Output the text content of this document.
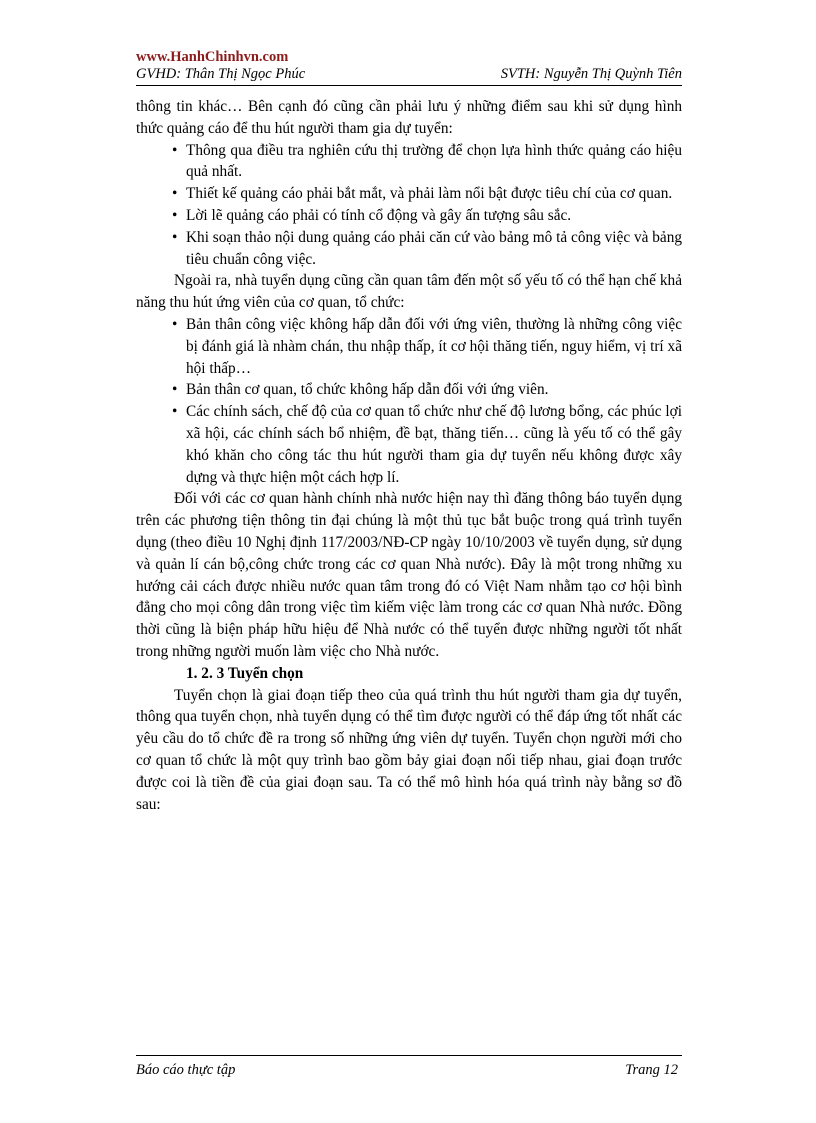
www.HanhChinhvn.com
GVHD: Thân Thị Ngọc Phúc	SVTH: Nguyễn Thị Quỳnh Tiên

thông tin khác… Bên cạnh đó cũng cần phải lưu ý những điểm sau khi sử dụng hình thức quảng cáo để thu hút người tham gia dự tuyển:

• Thông qua điều tra nghiên cứu thị trường để chọn lựa hình thức quảng cáo hiệu quả nhất.
• Thiết kế quảng cáo phải bắt mắt, và phải làm nổi bật được tiêu chí của cơ quan.
• Lời lẽ quảng cáo phải có tính cổ động và gây ấn tượng sâu sắc.
• Khi soạn thảo nội dung quảng cáo phải căn cứ vào bảng mô tả công việc và bảng tiêu chuẩn công việc.

Ngoài ra, nhà tuyển dụng cũng cần quan tâm đến một số yếu tố có thể hạn chế khả năng thu hút ứng viên của cơ quan, tổ chức:

• Bản thân công việc không hấp dẫn đối với ứng viên, thường là những công việc bị đánh giá là nhàm chán, thu nhập thấp, ít cơ hội thăng tiến, nguy hiểm, vị trí xã hội thấp…
• Bản thân cơ quan, tổ chức không hấp dẫn đối với ứng viên.
• Các chính sách, chế độ của cơ quan tổ chức như chế độ lương bổng, các phúc lợi xã hội, các chính sách bổ nhiệm, đề bạt, thăng tiến… cũng là yếu tố có thể gây khó khăn cho công tác thu hút người tham gia dự tuyển nếu không được xây dựng và thực hiện một cách hợp lí.

Đối với các cơ quan hành chính nhà nước hiện nay thì đăng thông báo tuyển dụng trên các phương tiện thông tin đại chúng là một thủ tục bắt buộc trong quá trình tuyển dụng (theo điều 10 Nghị định 117/2003/NĐ-CP ngày 10/10/2003 về tuyển dụng, sử dụng và quản lí cán bộ,công chức trong các cơ quan Nhà nước). Đây là một trong những xu hướng cải cách được nhiều nước quan tâm trong đó có Việt Nam nhằm tạo cơ hội bình đẳng cho mọi công dân trong việc tìm kiếm việc làm trong các cơ quan Nhà nước. Đồng thời cũng là biện pháp hữu hiệu để Nhà nước có thể tuyển được những người tốt nhất trong những người muốn làm việc cho Nhà nước.

1. 2. 3 Tuyển chọn

Tuyển chọn là giai đoạn tiếp theo của quá trình thu hút người tham gia dự tuyển, thông qua tuyển chọn, nhà tuyển dụng có thể tìm được người có thể đáp ứng tốt nhất các yêu cầu do tổ chức đề ra trong số những ứng viên dự tuyển. Tuyển chọn người mới cho cơ quan tổ chức là một quy trình bao gồm bảy giai đoạn nối tiếp nhau, giai đoạn trước được coi là tiền đề của giai đoạn sau. Ta có thể mô hình hóa quá trình này bằng sơ đồ sau:

Báo cáo thực tập	Trang 12
